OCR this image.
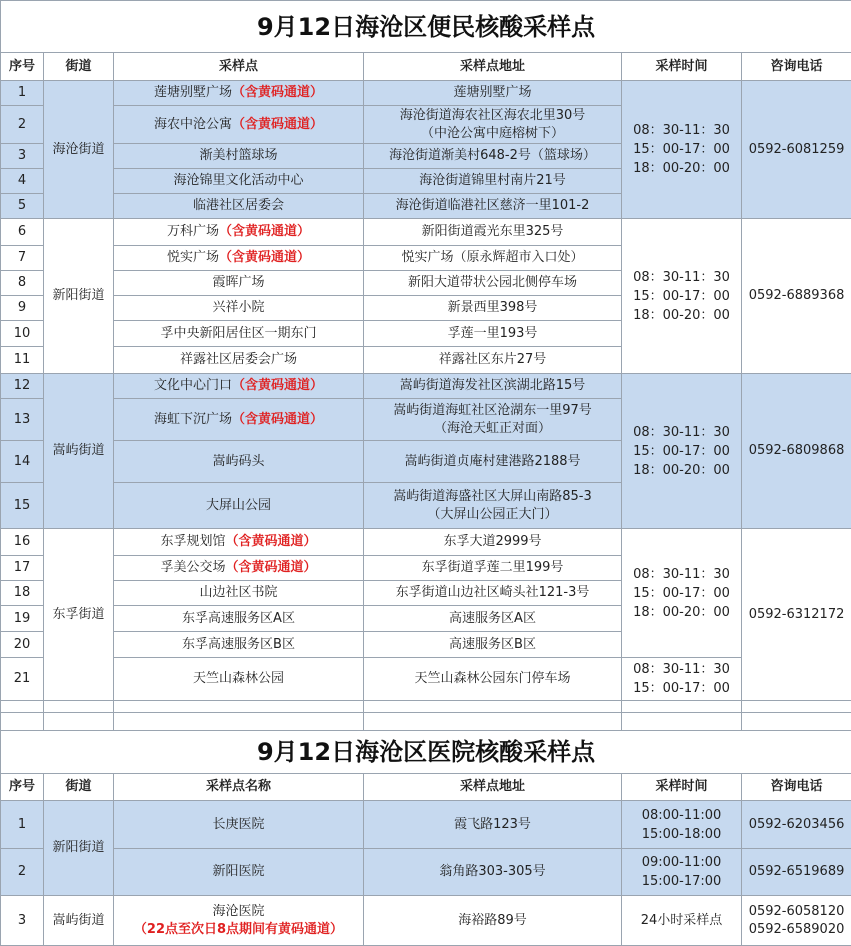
9月12日海沧区便民核酸采样点					
序号	街道	采样点	采样点地址	采样时间	咨询电话
1	海沧街道	莲塘别墅广场（含黄码通道）	莲塘别墅广场	08：30-11：30
15：00-17：00
18：00-20：00	0592-6081259
2		海农中沧公寓（含黄码通道）	海沧街道海农社区海农北里30号
（中沧公寓中庭榕树下）		
3		渐美村篮球场	海沧街道渐美村648-2号（篮球场）		
4		海沧锦里文化活动中心	海沧街道锦里村南片21号		
5		临港社区居委会	海沧街道临港社区慈济一里101-2		
6	新阳街道	万科广场（含黄码通道）	新阳街道霞光东里325号	08：30-11：30
15：00-17：00
18：00-20：00	0592-6889368
7		悦实广场（含黄码通道）	悦实广场（原永辉超市入口处）		
8		霞晖广场	新阳大道带状公园北侧停车场		
9		兴祥小院	新景西里398号		
10		孚中央新阳居住区一期东门	孚莲一里193号		
11		祥露社区居委会广场	祥露社区东片27号		
12	嵩屿街道	文化中心门口（含黄码通道）	嵩屿街道海发社区滨湖北路15号	08：30-11：30
15：00-17：00
18：00-20：00	0592-6809868
13		海虹下沉广场（含黄码通道）	嵩屿街道海虹社区沧湖东一里97号
（海沧天虹正对面）		
14		嵩屿码头	嵩屿街道贞庵村建港路2188号		
15		大屏山公园	嵩屿街道海盛社区大屏山南路85-3
（大屏山公园正大门）		
16	东孚街道	东孚规划馆（含黄码通道）	东孚大道2999号	08：30-11：30
15：00-17：00
18：00-20：00	0592-6312172
17		孚美公交场（含黄码通道）	东孚街道孚莲二里199号		
18		山边社区书院	东孚街道山边社区崎头社121-3号		
19		东孚高速服务区A区	高速服务区A区		
20		东孚高速服务区B区	高速服务区B区		
21		天竺山森林公园	天竺山森林公园东门停车场	08：30-11：30
15：00-17：00	

9月12日海沧区医院核酸采样点					
序号	街道	采样点名称	采样点地址	采样时间	咨询电话
1	新阳街道	长庚医院	霞飞路123号	08:00-11:00
15:00-18:00	0592-6203456
2		新阳医院	翁角路303-305号	09:00-11:00
15:00-17:00	0592-6519689
3	嵩屿街道	海沧医院
（22点至次日8点期间有黄码通道）	海裕路89号	24小时采样点	0592-6058120
0592-6589020
